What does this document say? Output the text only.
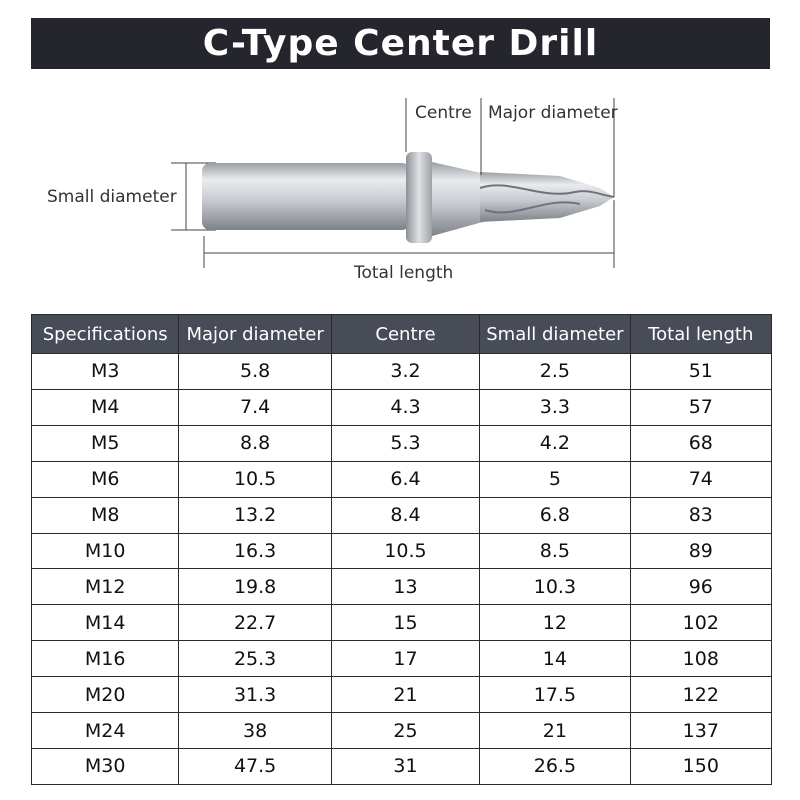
C-Type Center Drill
Small diameter
Centre Major diameter
Total length
Specifications	Major diameter	Centre	Small diameter	Total length
M3	5.8	3.2	2.5	51
M4	7.4	4.3	3.3	57
M5	8.8	5.3	4.2	68
M6	10.5	6.4	5	74
M8	13.2	8.4	6.8	83
M10	16.3	10.5	8.5	89
M12	19.8	13	10.3	96
M14	22.7	15	12	102
M16	25.3	17	14	108
M20	31.3	21	17.5	122
M24	38	25	21	137
M30	47.5	31	26.5	150
